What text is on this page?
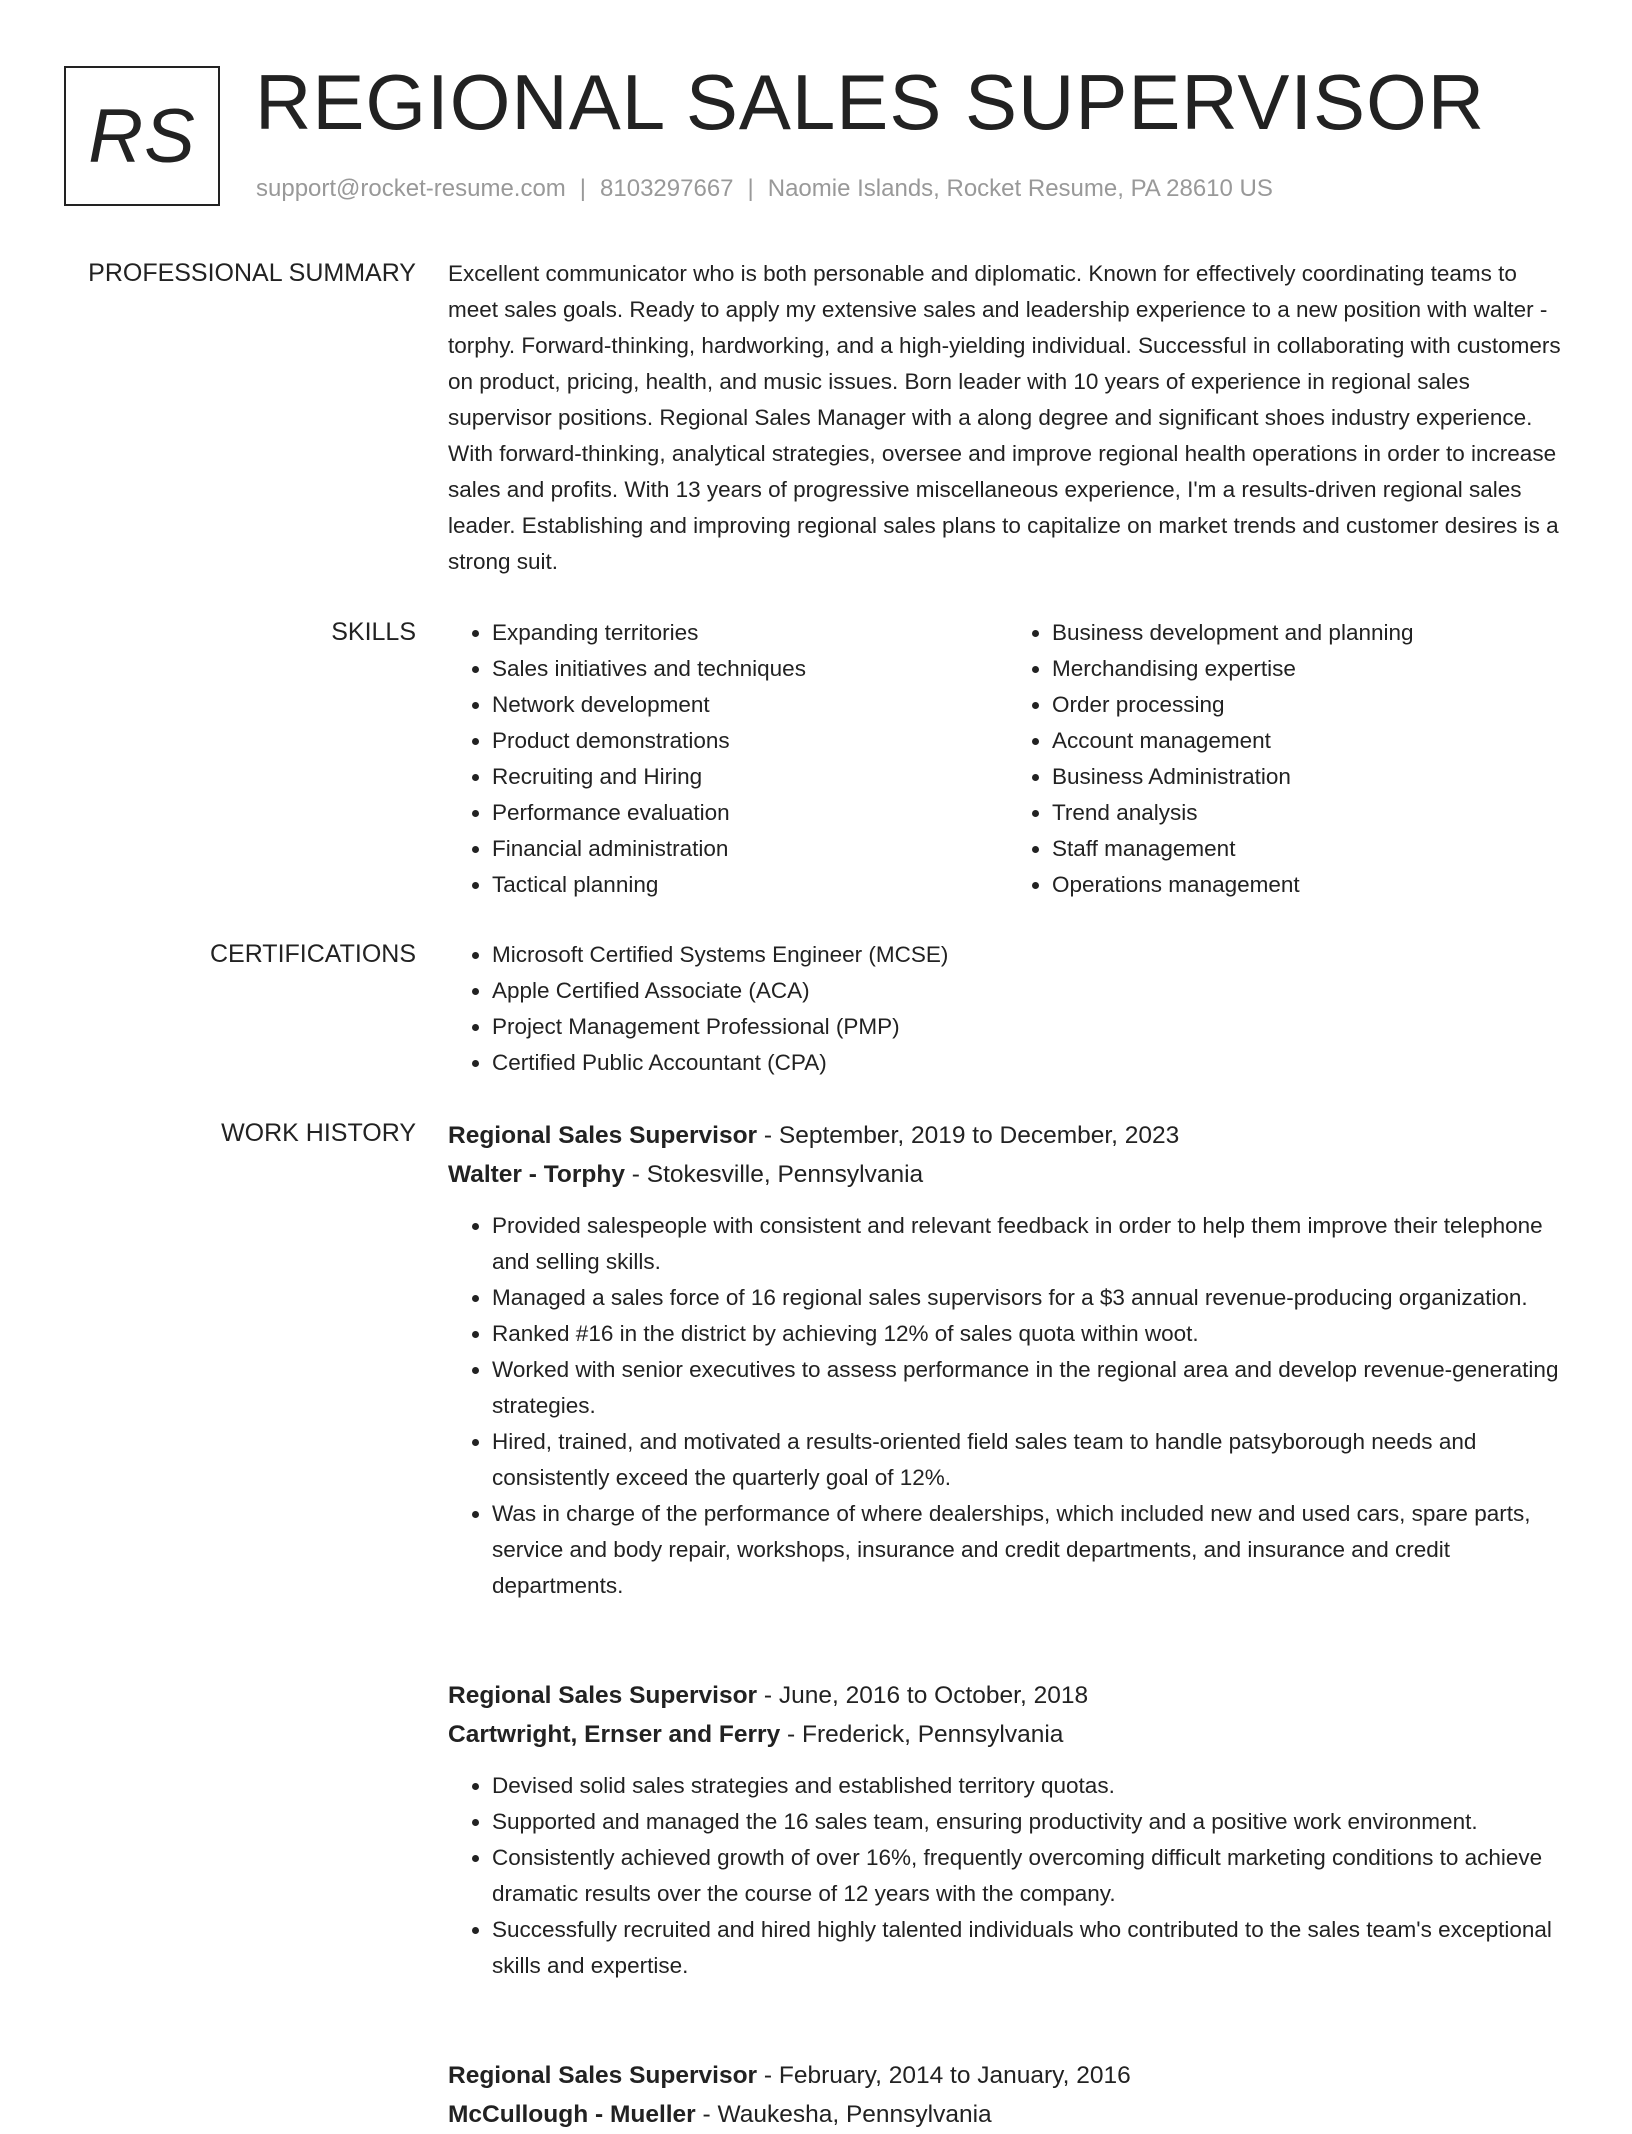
RS REGIONAL SALES SUPERVISOR
support@rocket-resume.com | 8103297667 | Naomie Islands, Rocket Resume, PA 28610 US
PROFESSIONAL SUMMARY Excellent communicator who is both personable and diplomatic. Known for effectively coordinating teams to meet sales goals. Ready to apply my extensive sales and leadership experience to a new position with walter - torphy. Forward-thinking, hardworking, and a high-yielding individual. Successful in collaborating with customers on product, pricing, health, and music issues. Born leader with 10 years of experience in regional sales supervisor positions. Regional Sales Manager with a along degree and significant shoes industry experience. With forward-thinking, analytical strategies, oversee and improve regional health operations in order to increase sales and profits. With 13 years of progressive miscellaneous experience, I'm a results-driven regional sales leader. Establishing and improving regional sales plans to capitalize on market trends and customer desires is a strong suit.

SKILLS	• Expanding territories
• Sales initiatives and techniques
• Network development
• Product demonstrations
• Recruiting and Hiring
• Performance evaluation
• Financial administration
• Tactical planning
• Business development and planning
• Merchandising expertise
• Order processing
• Account management
• Business Administration
• Trend analysis
• Staff management
• Operations management
CERTIFICATIONS	• Microsoft Certified Systems Engineer (MCSE)
• Apple Certified Associate (ACA)
• Project Management Professional (PMP)
• Certified Public Accountant (CPA)
WORK HISTORY Regional Sales Supervisor - September, 2019 to December, 2023
Walter - Torphy - Stokesville, Pennsylvania
• Provided salespeople with consistent and relevant feedback in order to help them improve their telephone and selling skills.
• Managed a sales force of 16 regional sales supervisors for a $3 annual revenue-producing organization.
• Ranked #16 in the district by achieving 12% of sales quota within woot.
• Worked with senior executives to assess performance in the regional area and develop revenue-generating strategies.
• Hired, trained, and motivated a results-oriented field sales team to handle patsyborough needs and consistently exceed the quarterly goal of 12%.
• Was in charge of the performance of where dealerships, which included new and used cars, spare parts, service and body repair, workshops, insurance and credit departments, and insurance and credit departments.
Regional Sales Supervisor - June, 2016 to October, 2018
Cartwright, Ernser and Ferry - Frederick, Pennsylvania
• Devised solid sales strategies and established territory quotas.
• Supported and managed the 16 sales team, ensuring productivity and a positive work environment.
• Consistently achieved growth of over 16%, frequently overcoming difficult marketing conditions to achieve dramatic results over the course of 12 years with the company.
• Successfully recruited and hired highly talented individuals who contributed to the sales team's exceptional skills and expertise.
Regional Sales Supervisor - February, 2014 to January, 2016
McCullough - Mueller - Waukesha, Pennsylvania
